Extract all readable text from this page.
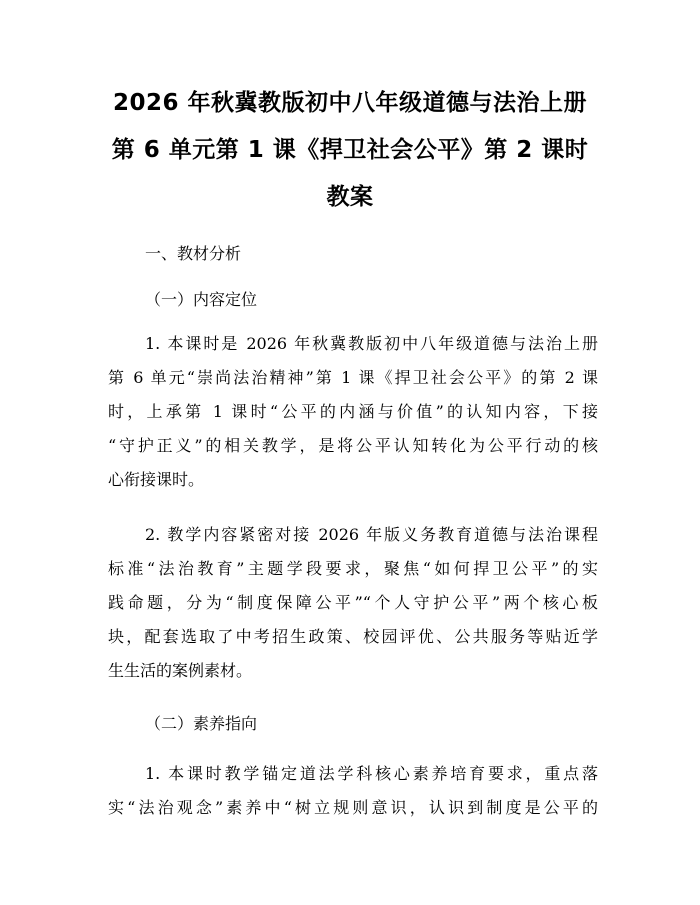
2026 年秋冀教版初中八年级道德与法治上册
第 6 单元第 1 课《捍卫社会公平》第 2 课时
教案
一、教材分析
（一）内容定位
1. 本课时是 2026 年秋冀教版初中八年级道德与法治上册
第 6 单元“崇尚法治精神”第 1 课《捍卫社会公平》的第 2 课
时，上承第 1 课时“公平的内涵与价值”的认知内容，下接
“守护正义”的相关教学，是将公平认知转化为公平行动的核
心衔接课时。
2. 教学内容紧密对接 2026 年版义务教育道德与法治课程
标准“法治教育”主题学段要求，聚焦“如何捍卫公平”的实
践命题，分为“制度保障公平”“个人守护公平”两个核心板
块，配套选取了中考招生政策、校园评优、公共服务等贴近学
生生活的案例素材。
（二）素养指向
1. 本课时教学锚定道法学科核心素养培育要求，重点落
实“法治观念”素养中“树立规则意识，认识到制度是公平的
